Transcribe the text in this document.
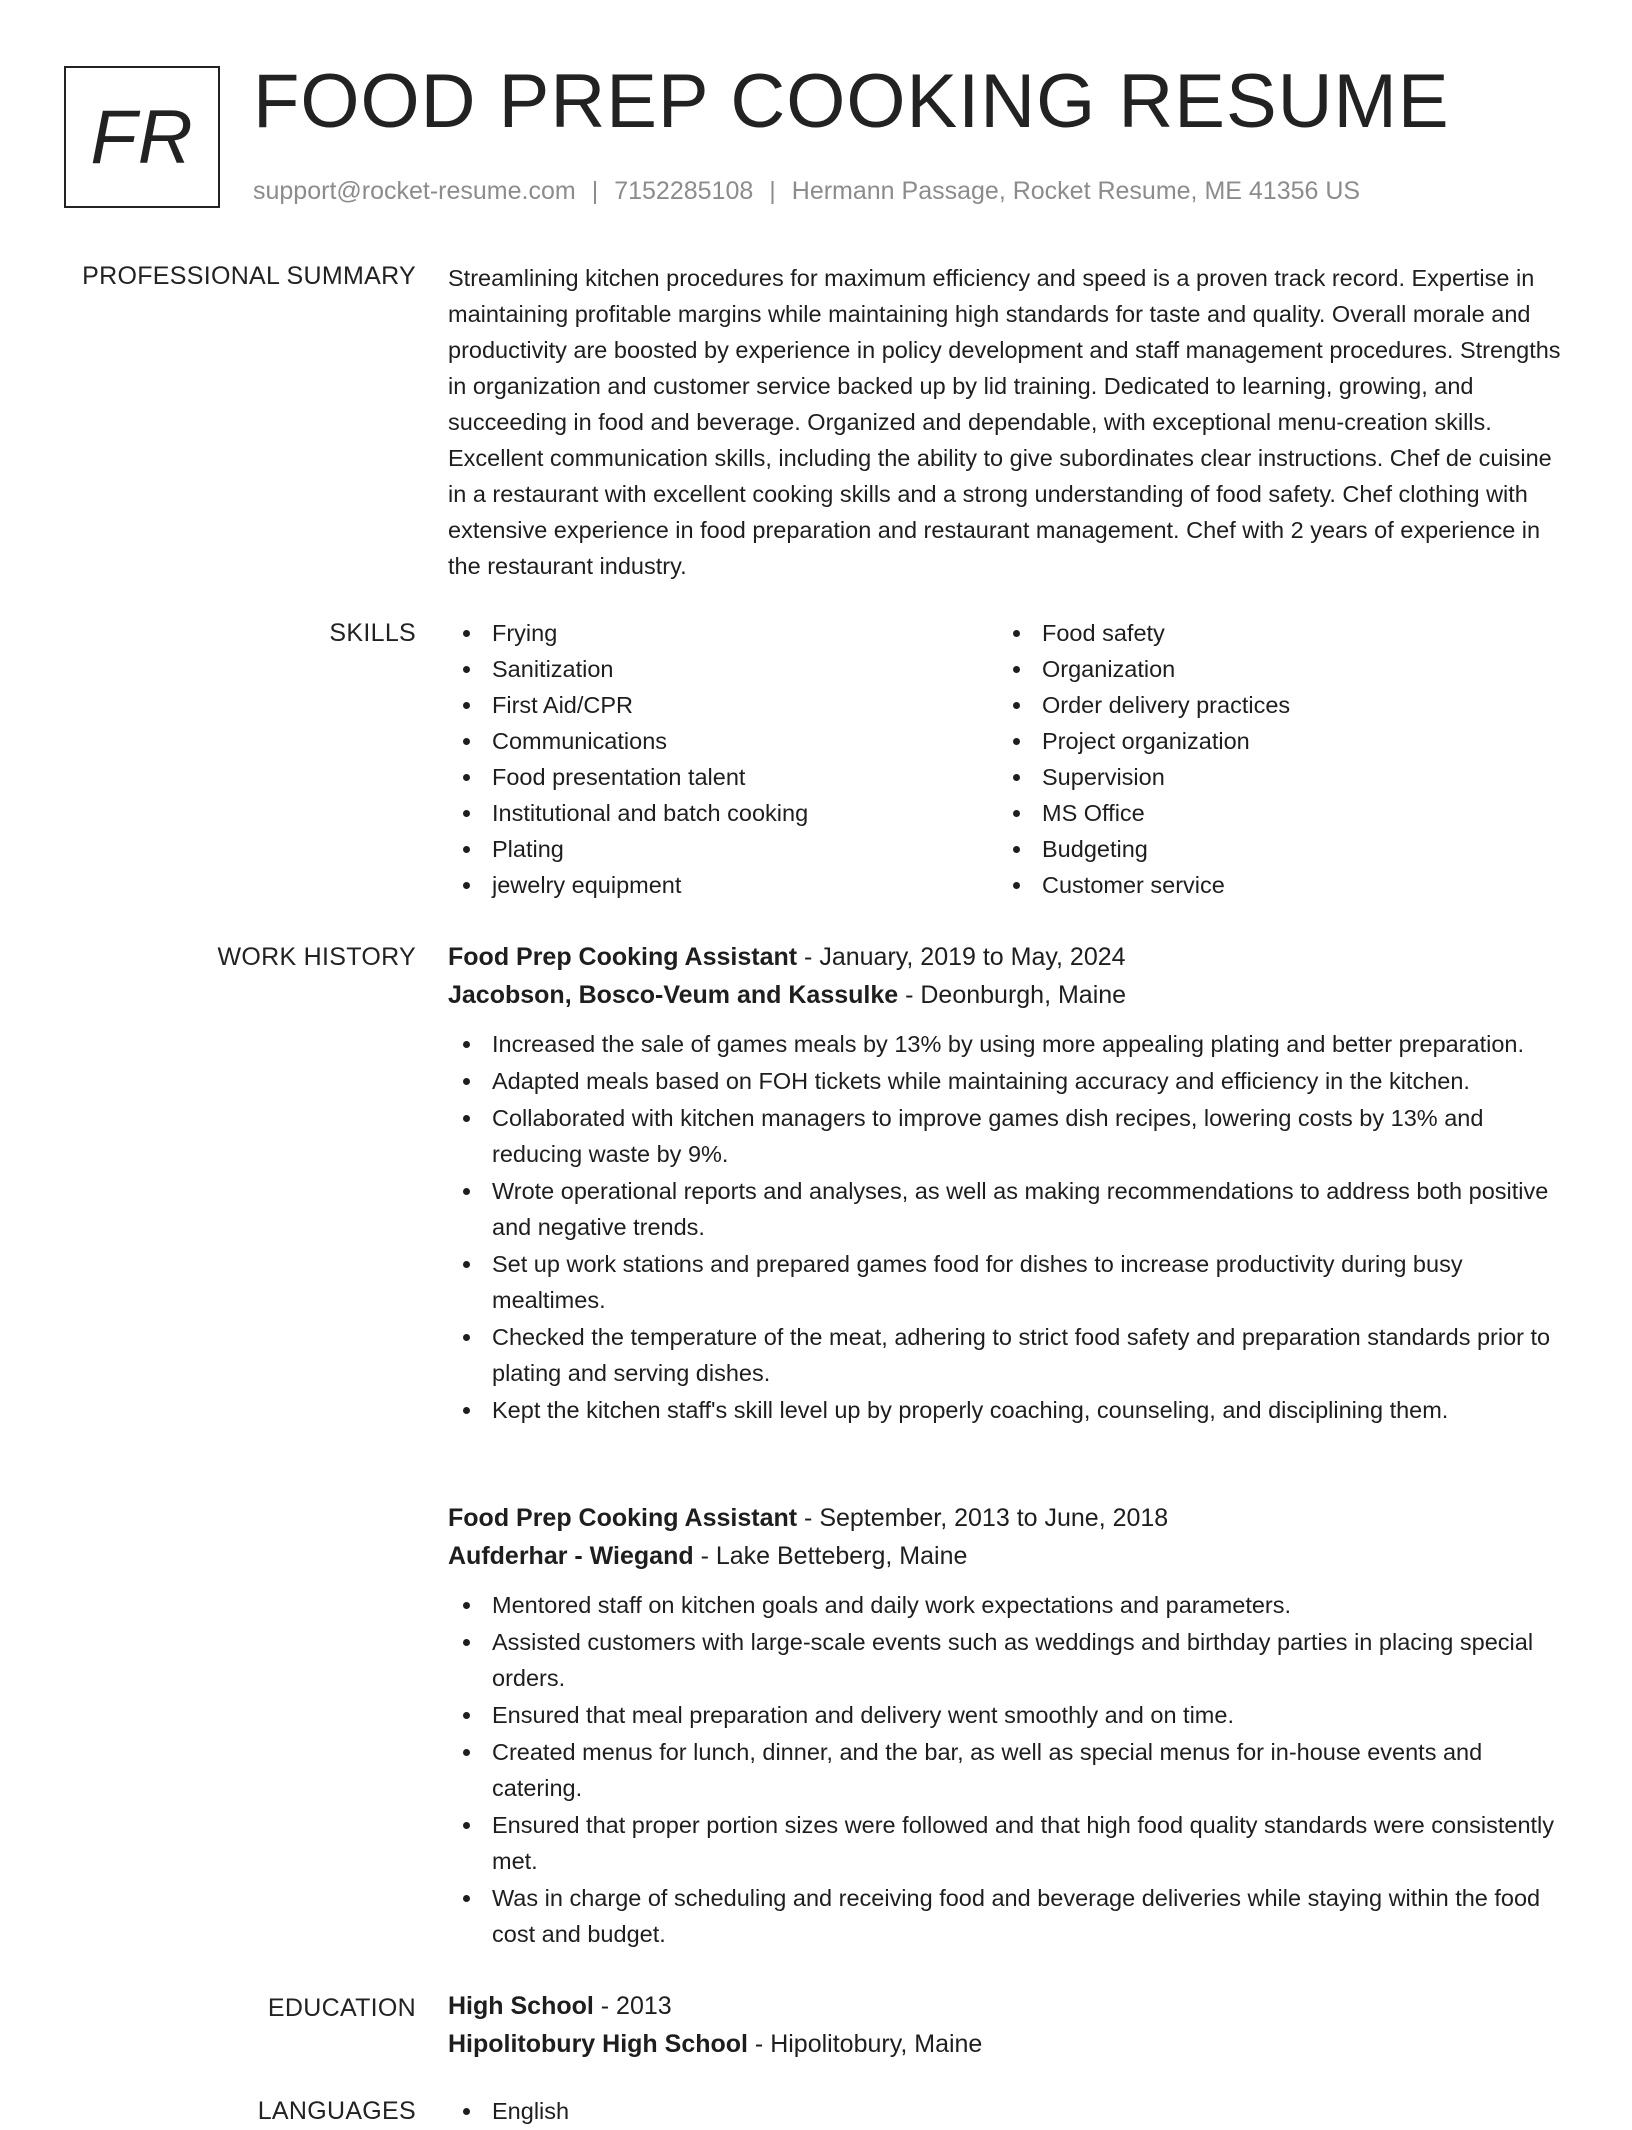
FR FOOD PREP COOKING RESUME
support@rocket-resume.com | 7152285108 | Hermann Passage, Rocket Resume, ME 41356 US
PROFESSIONAL SUMMARY Streamlining kitchen procedures for maximum efficiency and speed is a proven track record. Expertise in maintaining profitable margins while maintaining high standards for taste and quality. Overall morale and productivity are boosted by experience in policy development and staff management procedures. Strengths in organization and customer service backed up by lid training. Dedicated to learning, growing, and succeeding in food and beverage. Organized and dependable, with exceptional menu-creation skills. Excellent communication skills, including the ability to give subordinates clear instructions. Chef de cuisine in a restaurant with excellent cooking skills and a strong understanding of food safety. Chef clothing with extensive experience in food preparation and restaurant management. Chef with 2 years of experience in the restaurant industry.

SKILLS	Frying
Sanitization
First Aid/CPR
Communications
Food presentation talent
Institutional and batch cooking
Plating
jewelry equipment
Food safety
Organization
Order delivery practices
Project organization
Supervision
MS Office
Budgeting
Customer service
WORK HISTORY Food Prep Cooking Assistant - January, 2019 to May, 2024
Jacobson, Bosco-Veum and Kassulke - Deonburgh, Maine
Increased the sale of games meals by 13% by using more appealing plating and better preparation.
Adapted meals based on FOH tickets while maintaining accuracy and efficiency in the kitchen.
Collaborated with kitchen managers to improve games dish recipes, lowering costs by 13% and reducing waste by 9%.
Wrote operational reports and analyses, as well as making recommendations to address both positive and negative trends.
Set up work stations and prepared games food for dishes to increase productivity during busy mealtimes.
Checked the temperature of the meat, adhering to strict food safety and preparation standards prior to plating and serving dishes.
Kept the kitchen staff's skill level up by properly coaching, counseling, and disciplining them.
Food Prep Cooking Assistant - September, 2013 to June, 2018
Aufderhar - Wiegand - Lake Betteberg, Maine
Mentored staff on kitchen goals and daily work expectations and parameters.
Assisted customers with large-scale events such as weddings and birthday parties in placing special orders.
Ensured that meal preparation and delivery went smoothly and on time.
Created menus for lunch, dinner, and the bar, as well as special menus for in-house events and catering.
Ensured that proper portion sizes were followed and that high food quality standards were consistently met.
Was in charge of scheduling and receiving food and beverage deliveries while staying within the food cost and budget.
EDUCATION High School - 2013
Hipolitobury High School - Hipolitobury, Maine
LANGUAGES	English
